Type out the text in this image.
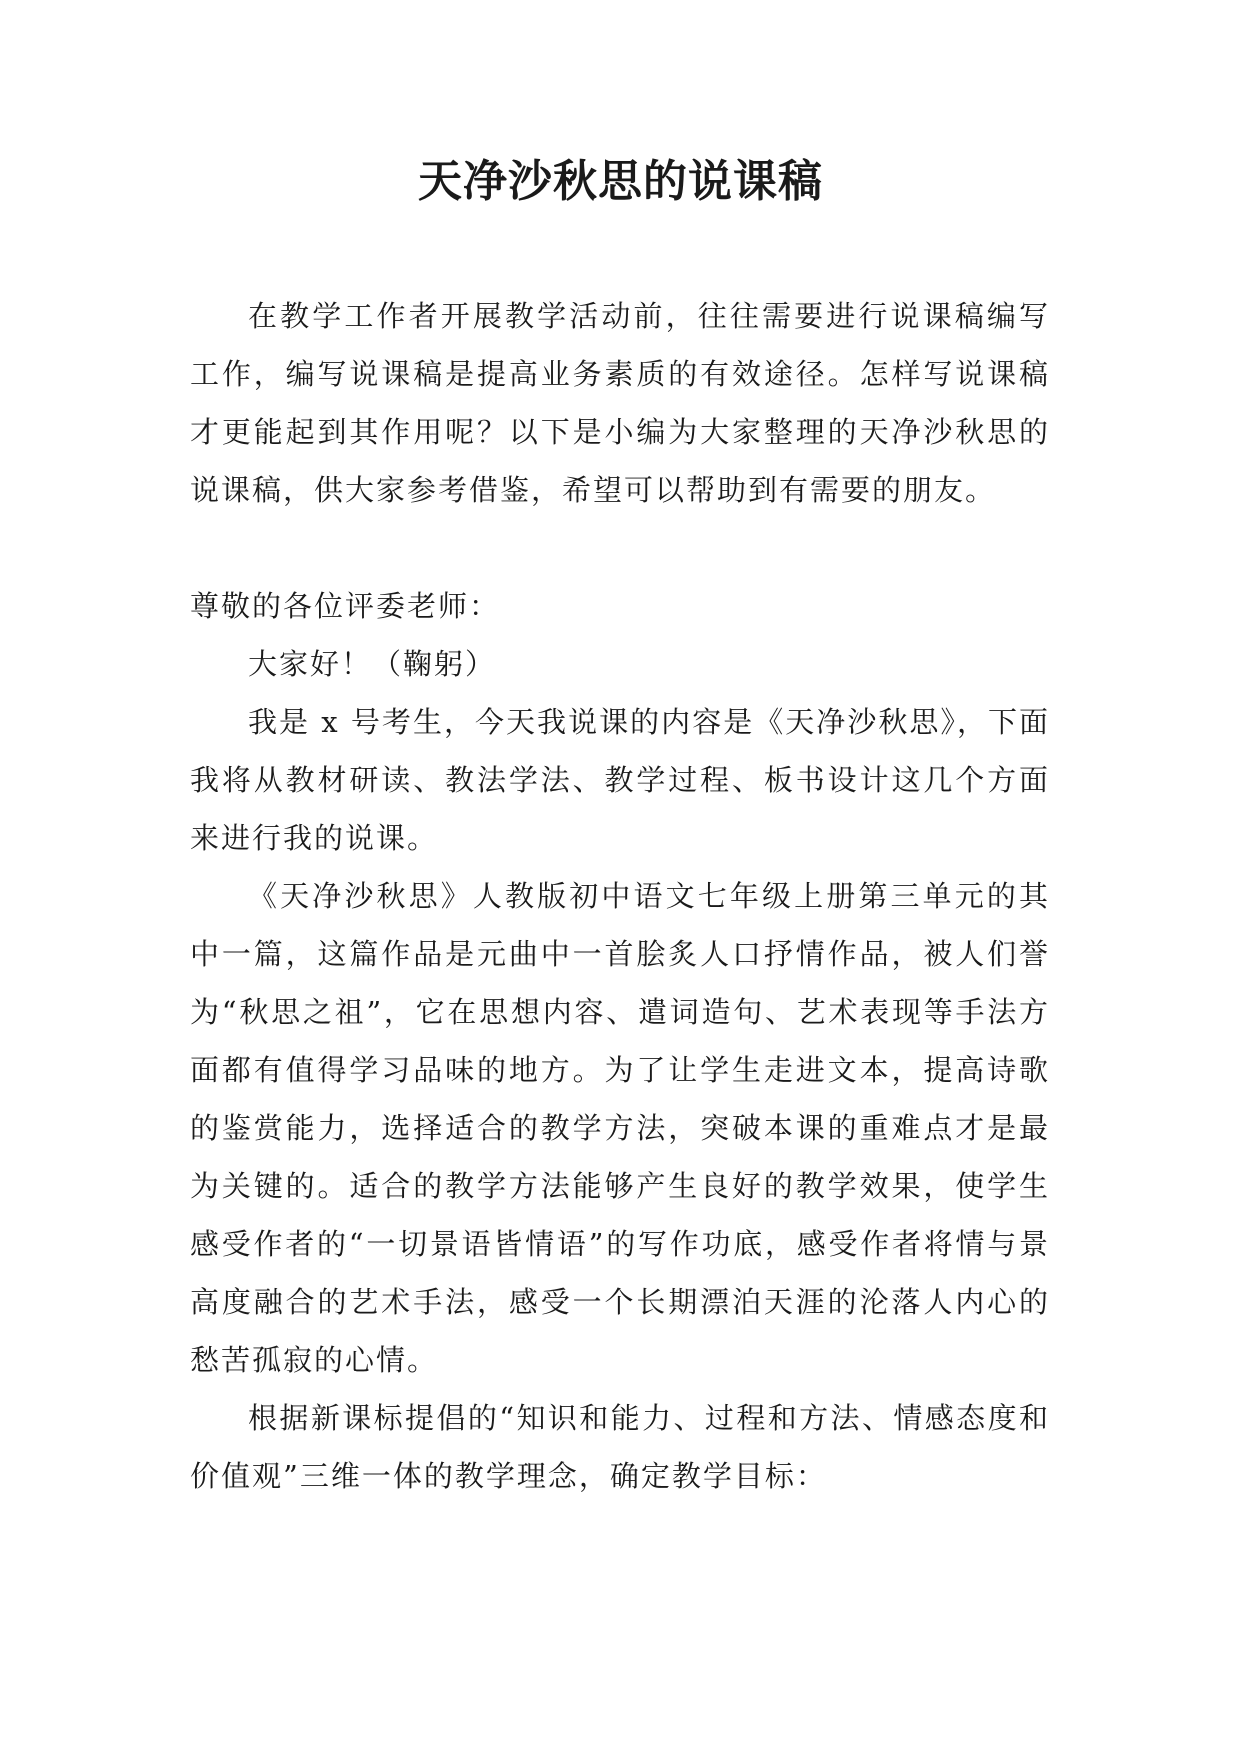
天净沙秋思的说课稿

在教学工作者开展教学活动前，往往需要进行说课稿编写工作，编写说课稿是提高业务素质的有效途径。怎样写说课稿才更能起到其作用呢？以下是小编为大家整理的天净沙秋思的说课稿，供大家参考借鉴，希望可以帮助到有需要的朋友。

尊敬的各位评委老师：

大家好！（鞠躬）

我是 x 号考生，今天我说课的内容是《天净沙秋思》，下面我将从教材研读、教法学法、教学过程、板书设计这几个方面来进行我的说课。

《天净沙秋思》人教版初中语文七年级上册第三单元的其中一篇，这篇作品是元曲中一首脍炙人口抒情作品，被人们誉为“秋思之祖”，它在思想内容、遣词造句、艺术表现等手法方面都有值得学习品味的地方。为了让学生走进文本，提高诗歌的鉴赏能力，选择适合的教学方法，突破本课的重难点才是最为关键的。适合的教学方法能够产生良好的教学效果，使学生感受作者的“一切景语皆情语”的写作功底，感受作者将情与景高度融合的艺术手法，感受一个长期漂泊天涯的沦落人内心的愁苦孤寂的心情。

根据新课标提倡的“知识和能力、过程和方法、情感态度和价值观”三维一体的教学理念，确定教学目标：
